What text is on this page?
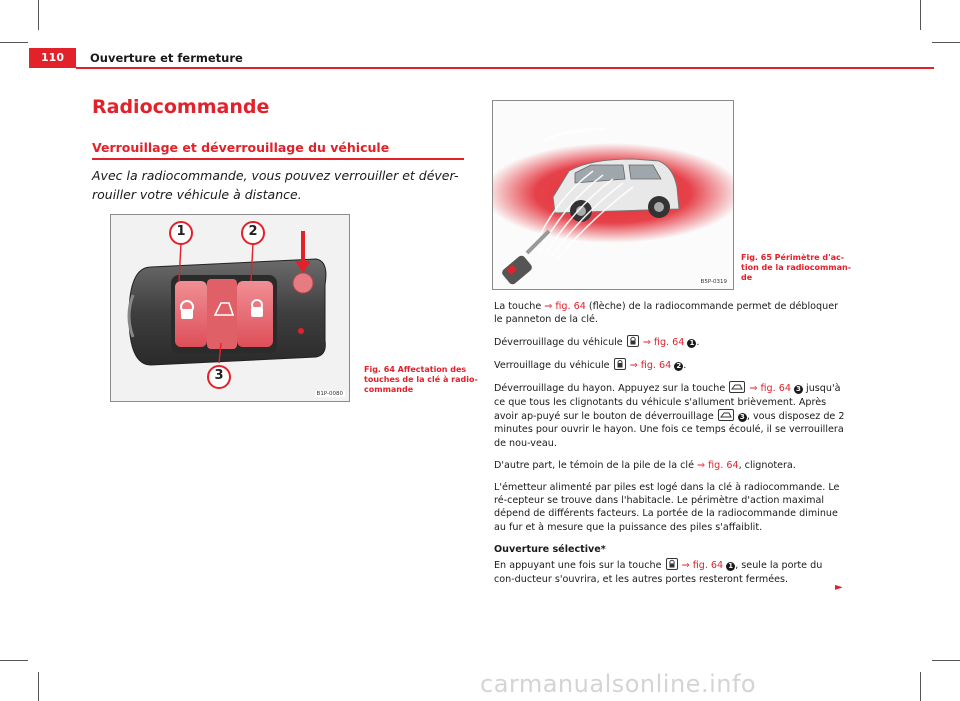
110	Ouverture et fermeture
Radiocommande
Verrouillage et déverrouillage du véhicule
Avec la radiocommande, vous pouvez verrouiller et déver-rouiller votre véhicule à distance.
1	2
3
B1P-0080
Fig. 64 Affectation des
touches de la clé à radio-
commande
B5P-0319
Fig. 65 Périmètre d'ac-
tion de la radiocomman-
de

La touche ⇒ fig. 64 (flèche) de la radiocommande permet de débloquer le panneton de la clé.

Déverrouillage du véhicule
⇒ fig. 64 1 .

Verrouillage du véhicule
⇒ fig. 64 2 .

Déverrouillage du hayon. Appuyez sur la touche
⇒ fig. 64 3 jusqu'à ce que tous les clignotants du véhicule s'allument brièvement. Après avoir ap-puyé sur le bouton de déverrouillage	3 , vous disposez de 2 minutes pour ouvrir le hayon. Une fois ce temps écoulé, il se verrouillera de nou-veau.

D'autre part, le témoin de la pile de la clé ⇒ fig. 64, clignotera.

L'émetteur alimenté par piles est logé dans la clé à radiocommande. Le ré-cepteur se trouve dans l'habitacle. Le périmètre d'action maximal dépend de différents facteurs. La portée de la radiocommande diminue au fur et à mesure que la puissance des piles s'affaiblit.

Ouverture sélective*

En appuyant une fois sur la touche
⇒ fig. 64 1 , seule la porte du con-ducteur s'ouvrira, et les autres portes resteront fermées.

►
carmanualsonline.info
